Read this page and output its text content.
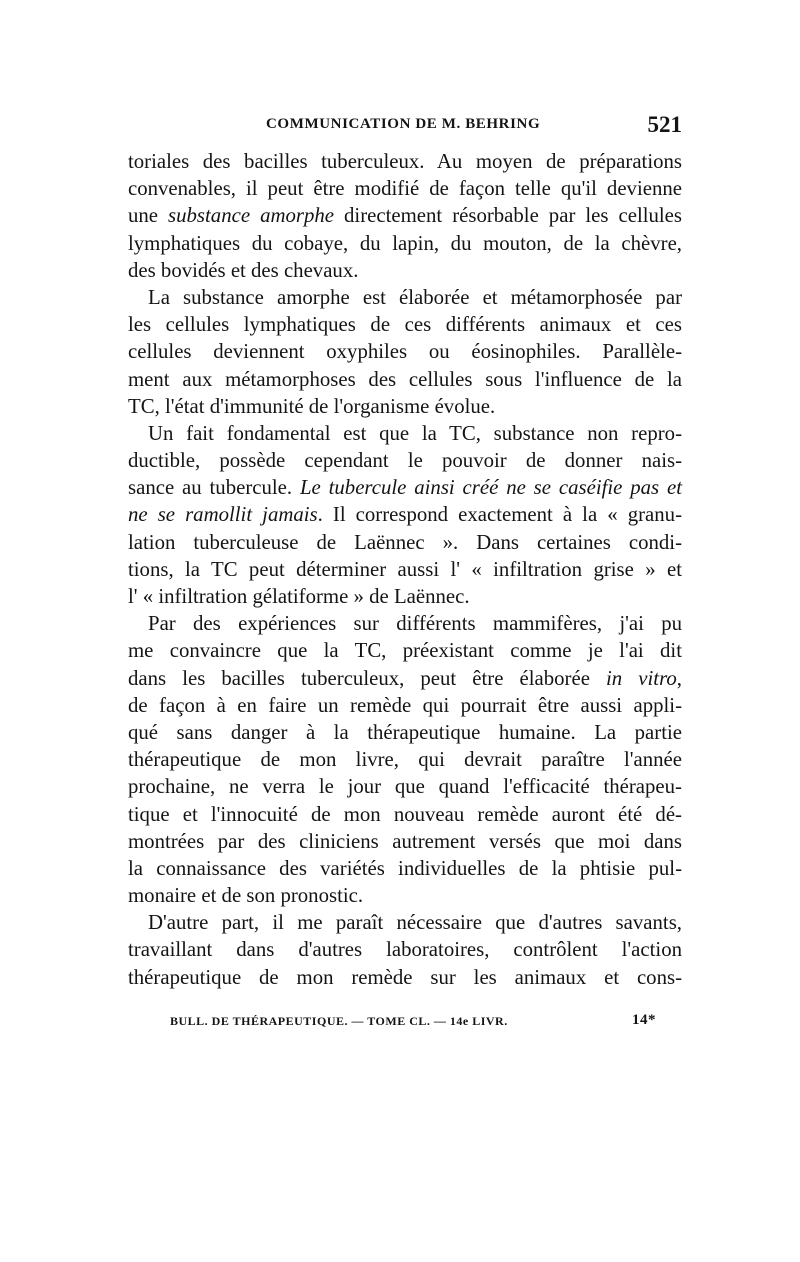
COMMUNICATION DE M. BEHRING	521
toriales des bacilles tuberculeux. Au moyen de préparations
convenables, il peut être modifié de façon telle qu'il devienne
une substance amorphe directement résorbable par les cellules
lymphatiques du cobaye, du lapin, du mouton, de la chèvre,
des bovidés et des chevaux.
La substance amorphe est élaborée et métamorphosée par
les cellules lymphatiques de ces différents animaux et ces
cellules deviennent oxyphiles ou éosinophiles. Parallèle-
ment aux métamorphoses des cellules sous l'influence de la
TC, l'état d'immunité de l'organisme évolue.
Un fait fondamental est que la TC, substance non repro-
ductible, possède cependant le pouvoir de donner nais-
sance au tubercule. Le tubercule ainsi créé ne se caséifie pas et
ne se ramollit jamais. Il correspond exactement à la « granu-
lation tuberculeuse de Laënnec ». Dans certaines condi-
tions, la TC peut déterminer aussi l' « infiltration grise » et
l' « infiltration gélatiforme » de Laënnec.
Par des expériences sur différents mammifères, j'ai pu
me convaincre que la TC, préexistant comme je l'ai dit
dans les bacilles tuberculeux, peut être élaborée in vitro,
de façon à en faire un remède qui pourrait être aussi appli-
qué sans danger à la thérapeutique humaine. La partie
thérapeutique de mon livre, qui devrait paraître l'année
prochaine, ne verra le jour que quand l'efficacité thérapeu-
tique et l'innocuité de mon nouveau remède auront été dé-
montrées par des cliniciens autrement versés que moi dans
la connaissance des variétés individuelles de la phtisie pul-
monaire et de son pronostic.
D'autre part, il me paraît nécessaire que d'autres savants,
travaillant dans d'autres laboratoires, contrôlent l'action
thérapeutique de mon remède sur les animaux et cons-
BULL. DE THÉRAPEUTIQUE. — TOME CL. — 14e LIVR.	14*
